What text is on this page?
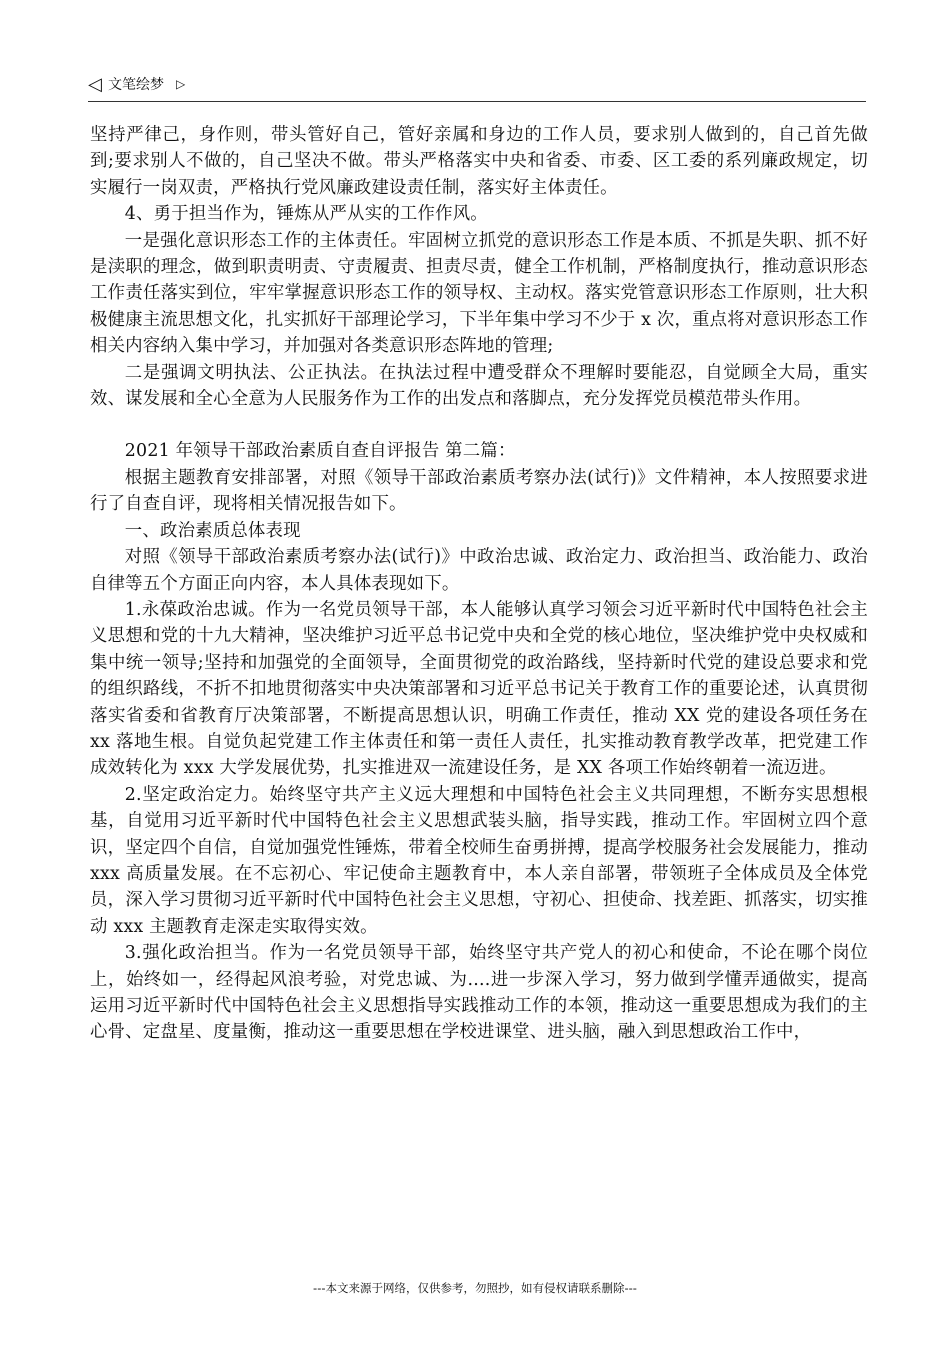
◁ 文笔绘梦 ▷

坚持严律己，身作则，带头管好自己，管好亲属和身边的工作人员，要求别人做到的，自己首先做到;要求别人不做的，自己坚决不做。带头严格落实中央和省委、市委、区工委的系列廉政规定，切实履行一岗双责，严格执行党风廉政建设责任制，落实好主体责任。

4、勇于担当作为，锤炼从严从实的工作作风。

一是强化意识形态工作的主体责任。牢固树立抓党的意识形态工作是本质、不抓是失职、抓不好是渎职的理念，做到职责明责、守责履责、担责尽责，健全工作机制，严格制度执行，推动意识形态工作责任落实到位，牢牢掌握意识形态工作的领导权、主动权。落实党管意识形态工作原则，壮大积极健康主流思想文化，扎实抓好干部理论学习，下半年集中学习不少于 x 次，重点将对意识形态工作相关内容纳入集中学习，并加强对各类意识形态阵地的管理;

二是强调文明执法、公正执法。在执法过程中遭受群众不理解时要能忍，自觉顾全大局，重实效、谋发展和全心全意为人民服务作为工作的出发点和落脚点，充分发挥党员模范带头作用。

2021 年领导干部政治素质自查自评报告 第二篇：

根据主题教育安排部署，对照《领导干部政治素质考察办法(试行)》文件精神，本人按照要求进行了自查自评，现将相关情况报告如下。

一、政治素质总体表现

对照《领导干部政治素质考察办法(试行)》中政治忠诚、政治定力、政治担当、政治能力、政治自律等五个方面正向内容，本人具体表现如下。

1.永葆政治忠诚。作为一名党员领导干部，本人能够认真学习领会习近平新时代中国特色社会主义思想和党的十九大精神，坚决维护习近平总书记党中央和全党的核心地位，坚决维护党中央权威和集中统一领导;坚持和加强党的全面领导，全面贯彻党的政治路线，坚持新时代党的建设总要求和党的组织路线，不折不扣地贯彻落实中央决策部署和习近平总书记关于教育工作的重要论述，认真贯彻落实省委和省教育厅决策部署，不断提高思想认识，明确工作责任，推动 XX 党的建设各项任务在 xx 落地生根。自觉负起党建工作主体责任和第一责任人责任，扎实推动教育教学改革，把党建工作成效转化为 xxx 大学发展优势，扎实推进双一流建设任务，是 XX 各项工作始终朝着一流迈进。

2.坚定政治定力。始终坚守共产主义远大理想和中国特色社会主义共同理想，不断夯实思想根基，自觉用习近平新时代中国特色社会主义思想武装头脑，指导实践，推动工作。牢固树立四个意识，坚定四个自信，自觉加强党性锤炼，带着全校师生奋勇拼搏，提高学校服务社会发展能力，推动 xxx 高质量发展。在不忘初心、牢记使命主题教育中，本人亲自部署，带领班子全体成员及全体党员，深入学习贯彻习近平新时代中国特色社会主义思想，守初心、担使命、找差距、抓落实，切实推动 xxx 主题教育走深走实取得实效。

3.强化政治担当。作为一名党员领导干部，始终坚守共产党人的初心和使命，不论在哪个岗位上，始终如一，经得起风浪考验，对党忠诚、为....进一步深入学习，努力做到学懂弄通做实，提高运用习近平新时代中国特色社会主义思想指导实践推动工作的本领，推动这一重要思想成为我们的主心骨、定盘星、度量衡，推动这一重要思想在学校进课堂、进头脑，融入到思想政治工作中，

---本文来源于网络，仅供参考，勿照抄，如有侵权请联系删除---
